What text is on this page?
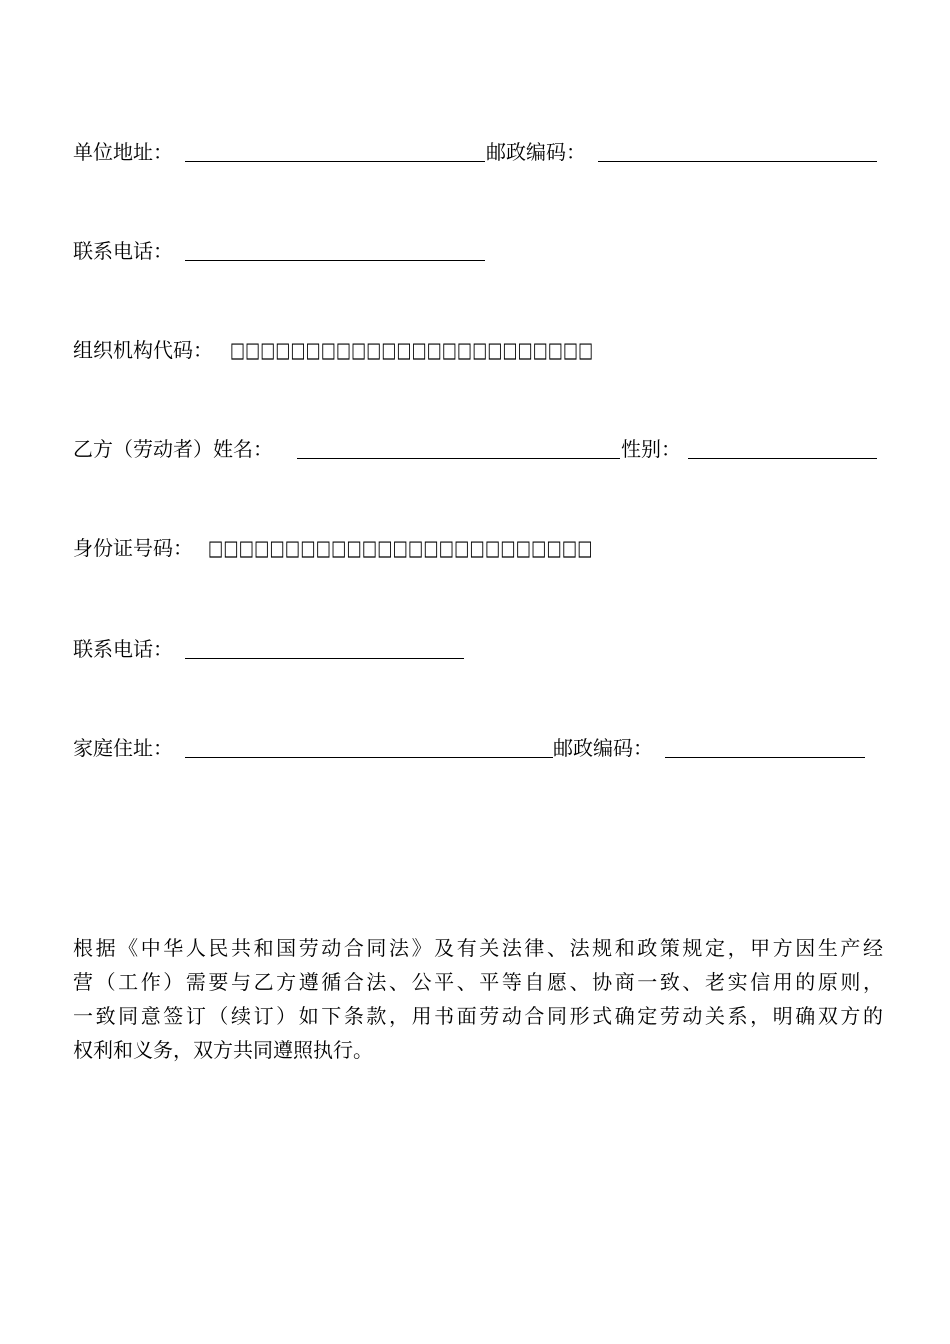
单位地址：	邮政编码：
联系电话：
组织机构代码： □□□□□□□□□□□□□□□□□□□□□□□□
乙方（劳动者）姓名：	性别：
身份证号码： □□□□□□□□□□□□□□□□□□□□□□□□□
联系电话：
家庭住址：	邮政编码：
根据《中华人民共和国劳动合同法》及有关法律、法规和政策规定，甲方因生产经
营（工作）需要与乙方遵循合法、公平、平等自愿、协商一致、老实信用的原则，
一致同意签订（续订）如下条款，用书面劳动合同形式确定劳动关系，明确双方的
权利和义务，双方共同遵照执行。
